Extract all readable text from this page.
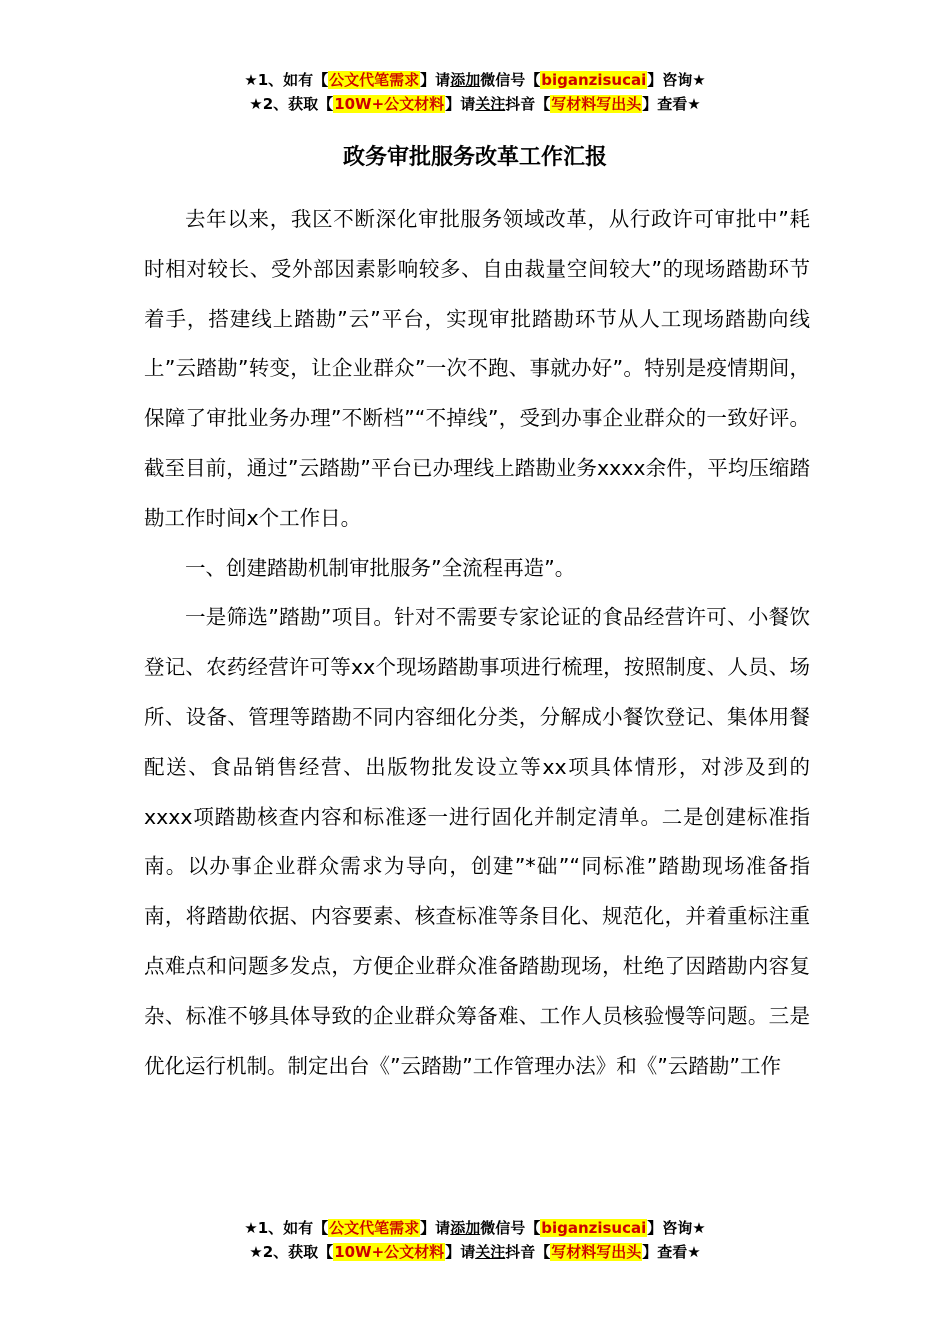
★1、如有【公文代笔需求】请添加微信号【biganzisucai】咨询★
★2、获取【10W+公文材料】请关注抖音【写材料写出头】查看★
政务审批服务改革工作汇报

去年以来，我区不断深化审批服务领域改革，从行政许可审批中”耗时相对较长、受外部因素影响较多、自由裁量空间较大”的现场踏勘环节着手，搭建线上踏勘”云”平台，实现审批踏勘环节从人工现场踏勘向线上”云踏勘”转变，让企业群众”一次不跑、事就办好”。特别是疫情期间，保障了审批业务办理”不断档”“不掉线”，受到办事企业群众的一致好评。截至目前，通过”云踏勘”平台已办理线上踏勘业务xxxx余件，平均压缩踏勘工作时间x个工作日。

一、创建踏勘机制审批服务”全流程再造”。

一是筛选”踏勘”项目。针对不需要专家论证的食品经营许可、小餐饮登记、农药经营许可等xx个现场踏勘事项进行梳理，按照制度、人员、场所、设备、管理等踏勘不同内容细化分类，分解成小餐饮登记、集体用餐配送、食品销售经营、出版物批发设立等xx项具体情形，对涉及到的xxxx项踏勘核查内容和标准逐一进行固化并制定清单。二是创建标准指南。以办事企业群众需求为导向，创建”*础”“同标准”踏勘现场准备指南，将踏勘依据、内容要素、核查标准等条目化、规范化，并着重标注重点难点和问题多发点，方便企业群众准备踏勘现场，杜绝了因踏勘内容复杂、标准不够具体导致的企业群众筹备难、工作人员核验慢等问题。三是优化运行机制。制定出台《”云踏勘”工作管理办法》和《”云踏勘”工作

★1、如有【公文代笔需求】请添加微信号【biganzisucai】咨询★
★2、获取【10W+公文材料】请关注抖音【写材料写出头】查看★
